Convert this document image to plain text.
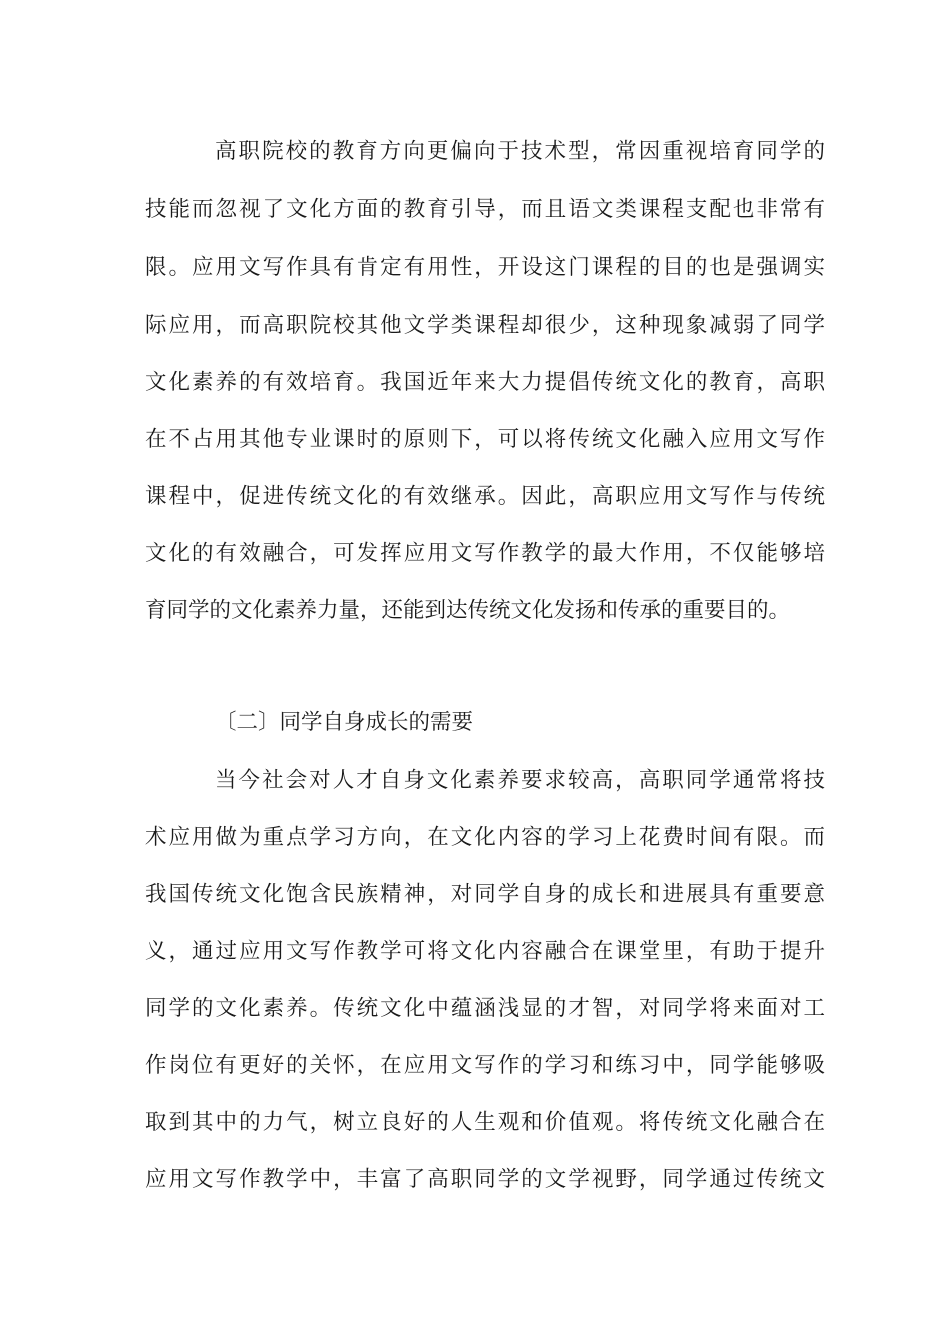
高职院校的教育方向更偏向于技术型，常因重视培育同学的
技能而忽视了文化方面的教育引导，而且语文类课程支配也非常有
限。应用文写作具有肯定有用性，开设这门课程的目的也是强调实
际应用，而高职院校其他文学类课程却很少，这种现象减弱了同学
文化素养的有效培育。我国近年来大力提倡传统文化的教育，高职
在不占用其他专业课时的原则下，可以将传统文化融入应用文写作
课程中，促进传统文化的有效继承。因此，高职应用文写作与传统
文化的有效融合，可发挥应用文写作教学的最大作用，不仅能够培
育同学的文化素养力量，还能到达传统文化发扬和传承的重要目的。
〔二〕同学自身成长的需要
当今社会对人才自身文化素养要求较高，高职同学通常将技
术应用做为重点学习方向，在文化内容的学习上花费时间有限。而
我国传统文化饱含民族精神，对同学自身的成长和进展具有重要意
义，通过应用文写作教学可将文化内容融合在课堂里，有助于提升
同学的文化素养。传统文化中蕴涵浅显的才智，对同学将来面对工
作岗位有更好的关怀，在应用文写作的学习和练习中，同学能够吸
取到其中的力气，树立良好的人生观和价值观。将传统文化融合在
应用文写作教学中，丰富了高职同学的文学视野，同学通过传统文
